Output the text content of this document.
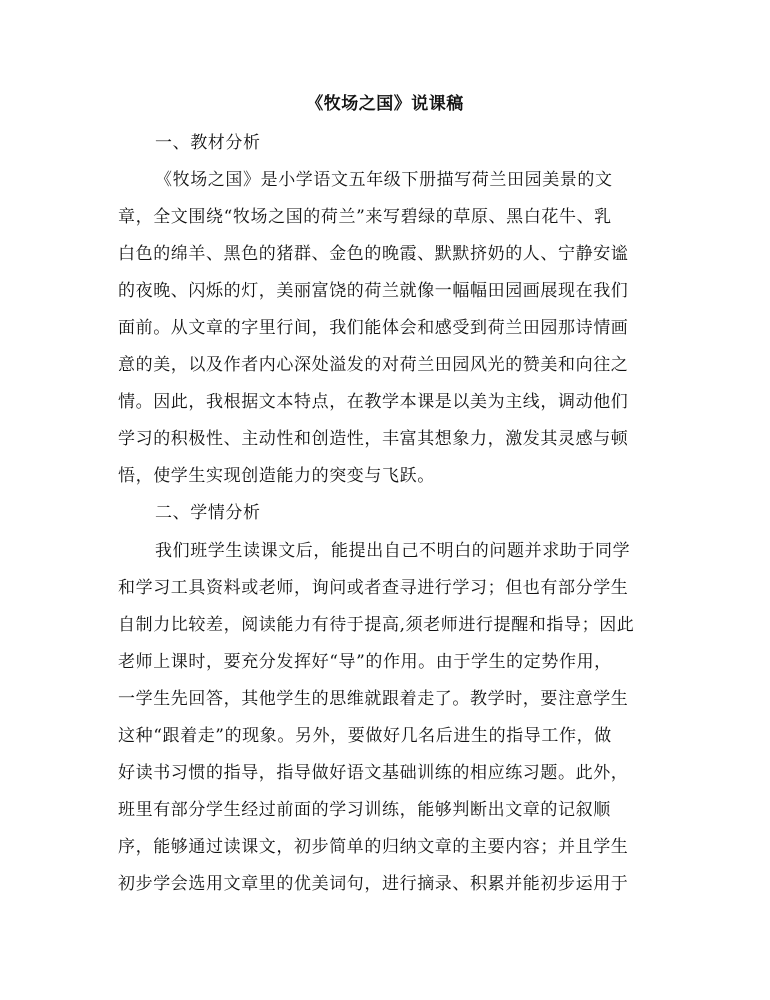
《牧场之国》说课稿
一、教材分析
《牧场之国》是小学语文五年级下册描写荷兰田园美景的文
章，全文围绕“牧场之国的荷兰”来写碧绿的草原、黑白花牛、乳
白色的绵羊、黑色的猪群、金色的晚霞、默默挤奶的人、宁静安谧
的夜晚、闪烁的灯，美丽富饶的荷兰就像一幅幅田园画展现在我们
面前。从文章的字里行间，我们能体会和感受到荷兰田园那诗情画
意的美，以及作者内心深处溢发的对荷兰田园风光的赞美和向往之
情。因此，我根据文本特点，在教学本课是以美为主线，调动他们
学习的积极性、主动性和创造性，丰富其想象力，激发其灵感与顿
悟，使学生实现创造能力的突变与飞跃。
二、学情分析
我们班学生读课文后，能提出自己不明白的问题并求助于同学
和学习工具资料或老师，询问或者查寻进行学习；但也有部分学生
自制力比较差，阅读能力有待于提高,须老师进行提醒和指导；因此
老师上课时，要充分发挥好“导”的作用。由于学生的定势作用，
一学生先回答，其他学生的思维就跟着走了。教学时，要注意学生
这种“跟着走”的现象。另外，要做好几名后进生的指导工作，做
好读书习惯的指导，指导做好语文基础训练的相应练习题。此外，
班里有部分学生经过前面的学习训练，能够判断出文章的记叙顺
序，能够通过读课文，初步简单的归纳文章的主要内容；并且学生
初步学会选用文章里的优美词句，进行摘录、积累并能初步运用于
